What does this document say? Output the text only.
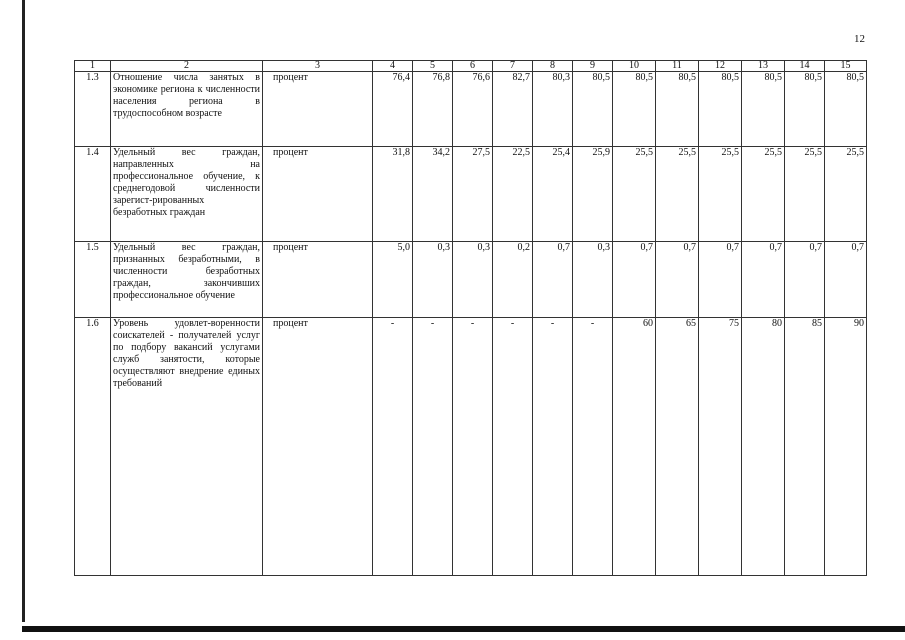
12
1	2	3	4	5	6	7	8	9	10	11	12	13	14	15
1.3	Отношение числа занятых в экономике региона к численности населения региона в трудоспособном возрасте	процент	76,4	76,8	76,6	82,7	80,3	80,5	80,5	80,5	80,5	80,5	80,5	80,5
1.4	Удельный вес граждан, направленных на профессиональное обучение, к среднегодовой численности зарегист-рированных безработных граждан	процент	31,8	34,2	27,5	22,5	25,4	25,9	25,5	25,5	25,5	25,5	25,5	25,5
1.5	Удельный вес граждан, признанных безработными, в численности безработных граждан, закончивших профессиональное обучение	процент	5,0	0,3	0,3	0,2	0,7	0,3	0,7	0,7	0,7	0,7	0,7	0,7
1.6	Уровень удовлет-воренности соискателей - получателей услуг по подбору вакансий услугами служб занятости, которые осуществляют внедрение единых требований	процент	-	-	-	-	-	-	60	65	75	80	85	90
